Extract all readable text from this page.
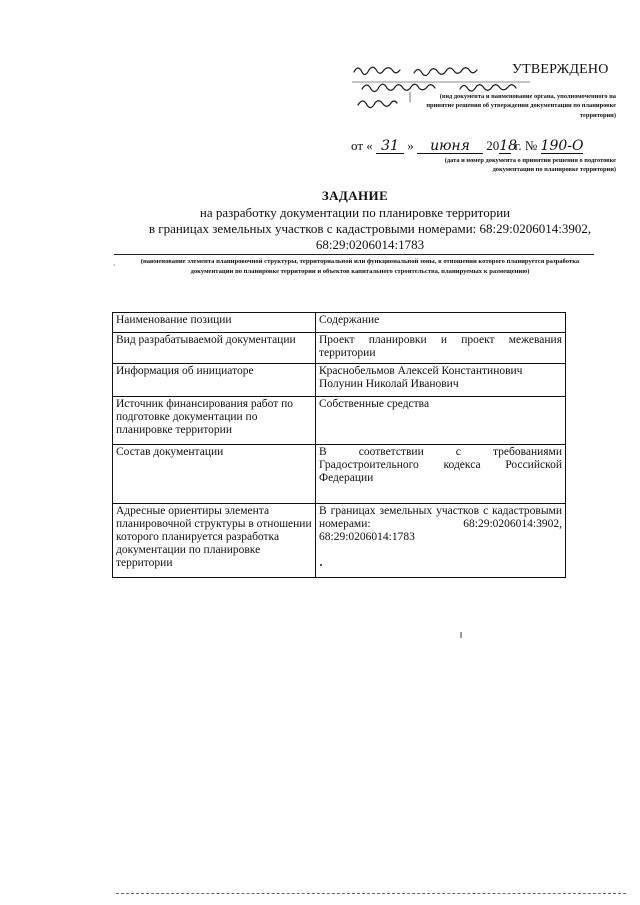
УТВЕРЖДЕНО
(вид документа и наименование органа, уполномоченного на принятие решения об утверждении документации по планировке территории)
от « 31 » июня 2018 г. № 190-О
(дата и номер документа о принятии решения о подготовке документации по планировке территории)
ЗАДАНИЕ
на разработку документации по планировке территории
в границах земельных участков с кадастровыми номерами: 68:29:0206014:3902,
68:29:0206014:1783
⸱	(наименование элемента планировочной структуры, территориальной или функциональной зоны, в отношении которого планируется разработка документации по планировке территории и объектов капитального строительства, планируемых к размещению)
Наименование позиции	Содержание
Вид разрабатываемой документации	Проект планировки и проект межевания территории
Информация об инициаторе	Краснобельмов Алексей Константинович
Полунин Николай Иванович
Источник финансирования работ по подготовке документации по планировке территории	Собственные средства
Состав документации	В соответствии с требованиями Градостроительного кодекса Российской Федерации
Адресные ориентиры элемента планировочной структуры в отношении которого планируется разработка документации по планировке территории	В границах земельных участков с кадастровыми номерами: 68:29:0206014:3902, 68:29:0206014:1783
